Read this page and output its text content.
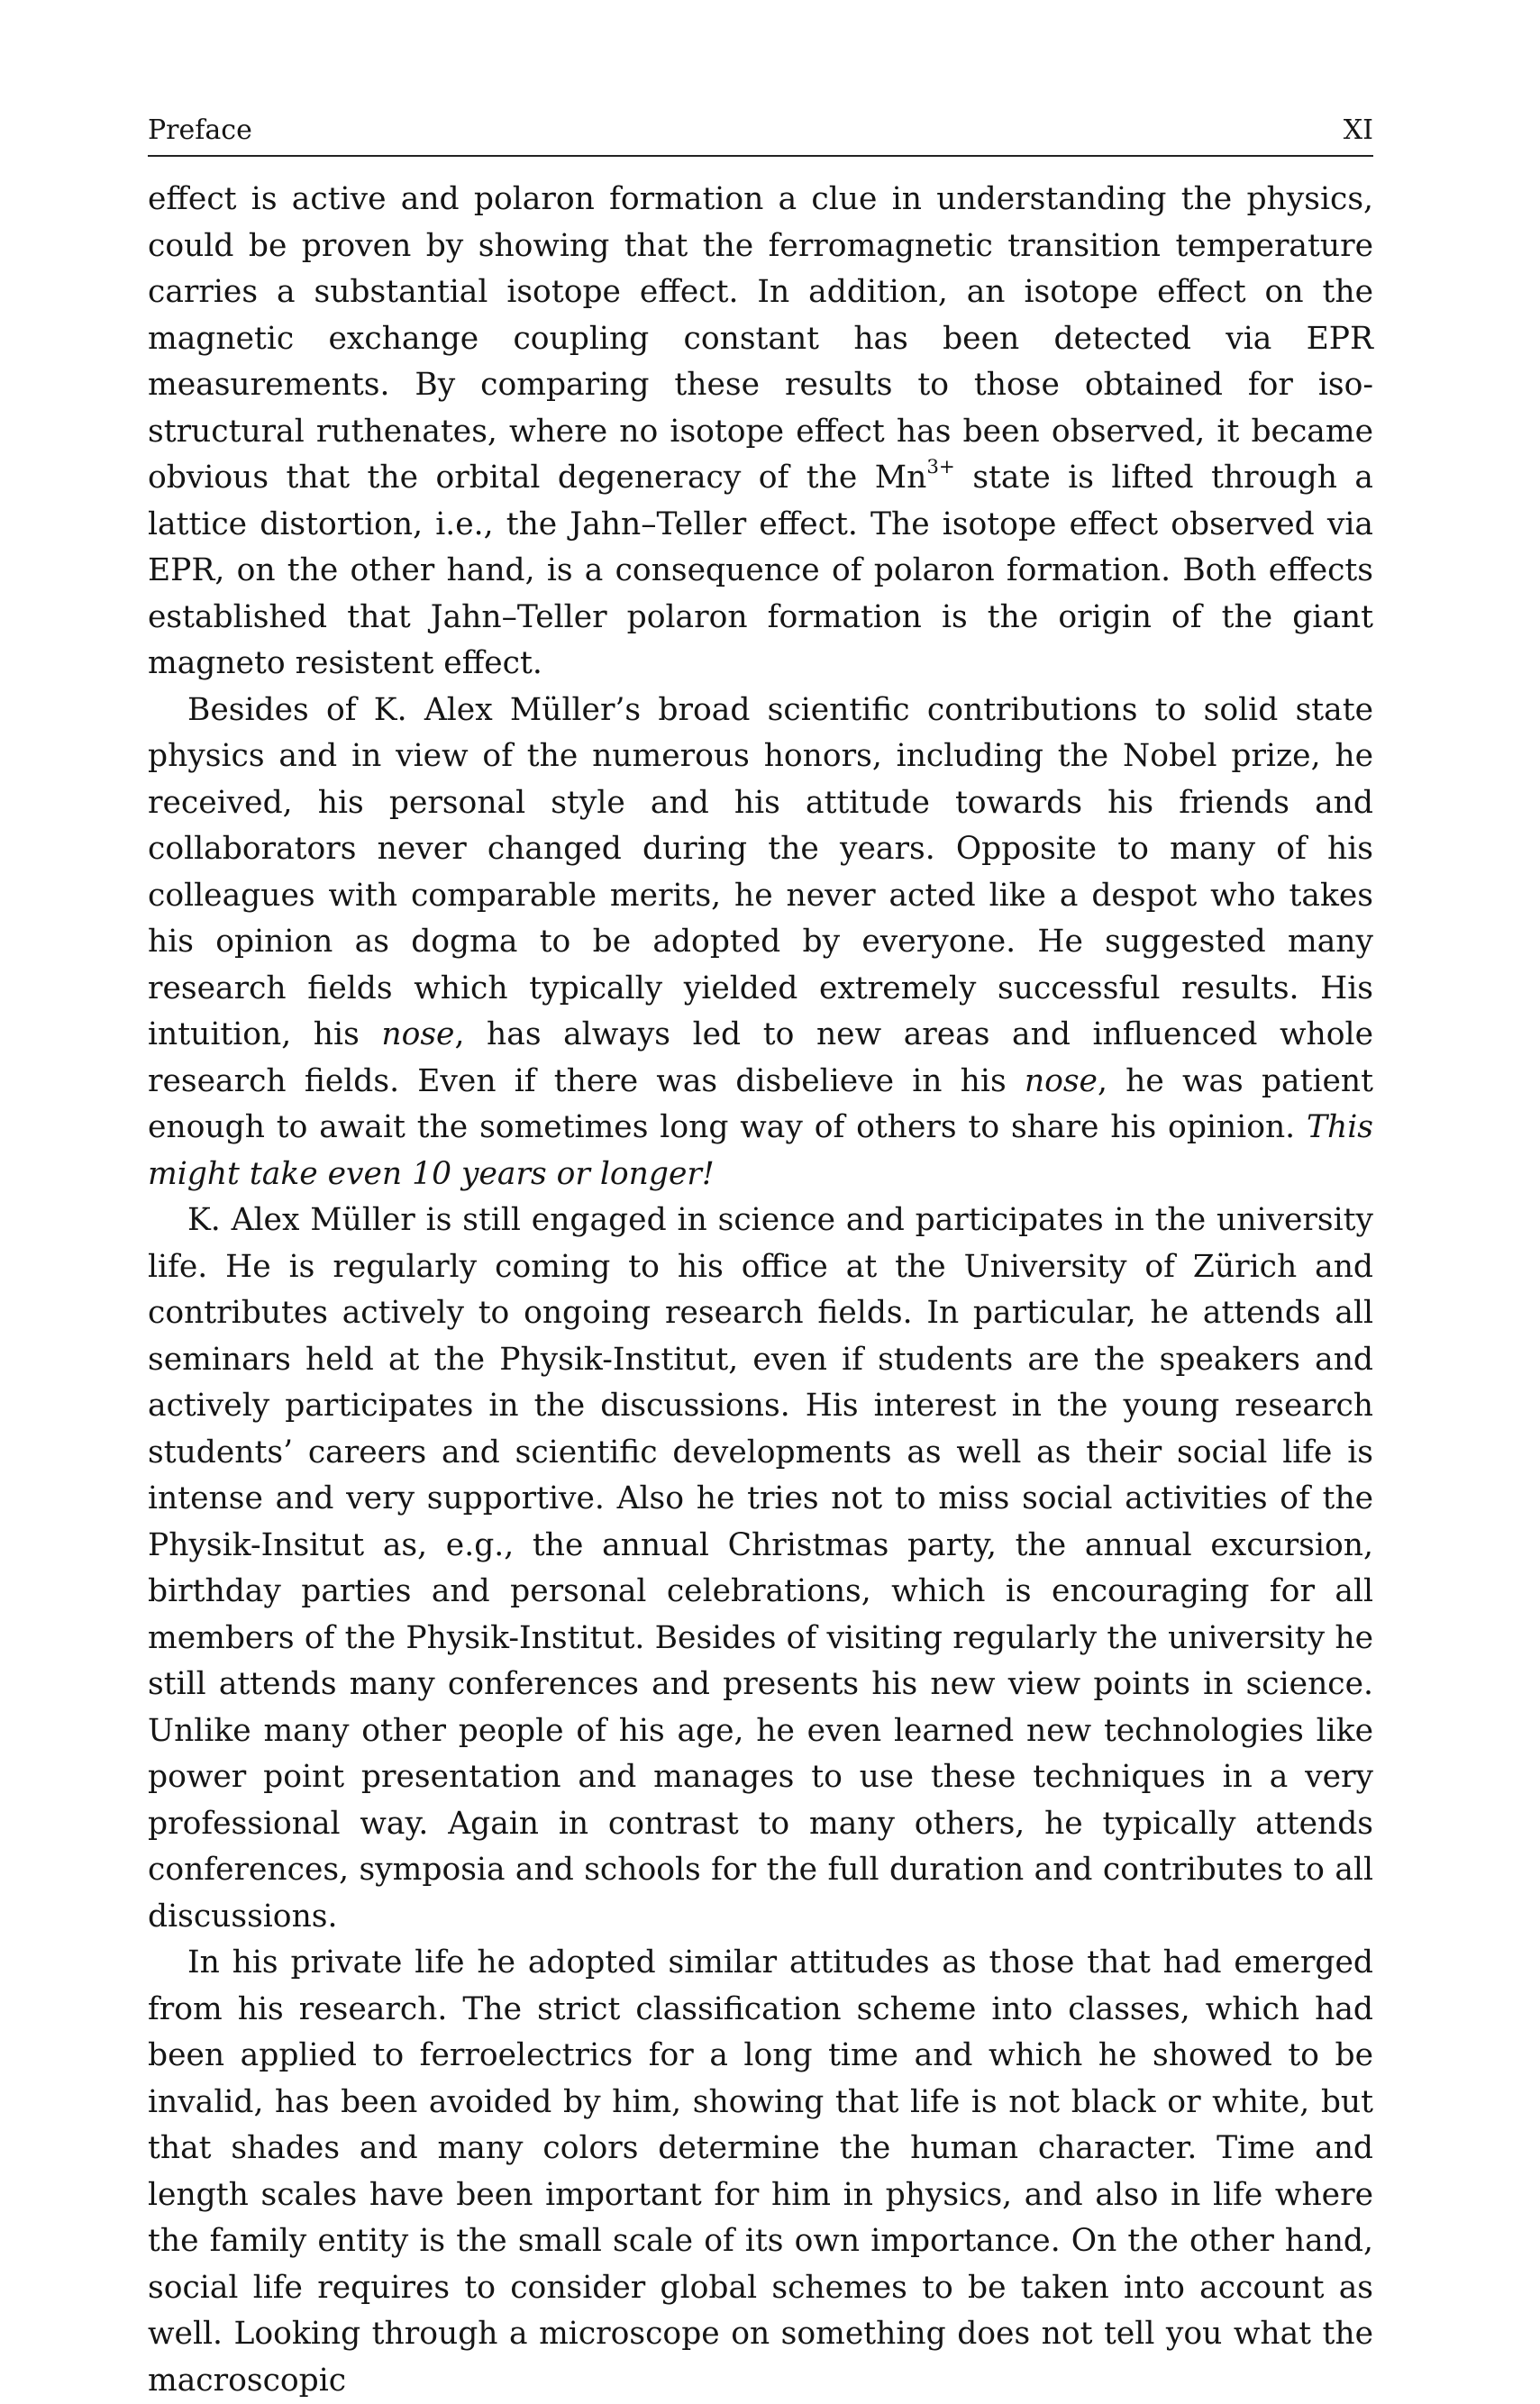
Preface	XI

effect is active and polaron formation a clue in understanding the physics, could be proven by showing that the ferromagnetic transition temperature carries a substantial isotope effect. In addition, an isotope effect on the magnetic exchange coupling constant has been detected via EPR measurements. By comparing these results to those obtained for iso-structural ruthenates, where no isotope effect has been observed, it became obvious that the orbital degeneracy of the $Mn^{3+}$ state is lifted through a lattice distortion, i.e., the Jahn–Teller effect. The isotope effect observed via EPR, on the other hand, is a consequence of polaron formation. Both effects established that Jahn–Teller polaron formation is the origin of the giant magneto resistent effect.

Besides of K. Alex Müller’s broad scientific contributions to solid state physics and in view of the numerous honors, including the Nobel prize, he received, his personal style and his attitude towards his friends and collaborators never changed during the years. Opposite to many of his colleagues with comparable merits, he never acted like a despot who takes his opinion as dogma to be adopted by everyone. He suggested many research fields which typically yielded extremely successful results. His intuition, his nose, has always led to new areas and influenced whole research fields. Even if there was disbelieve in his nose, he was patient enough to await the sometimes long way of others to share his opinion. This might take even 10 years or longer!

K. Alex Müller is still engaged in science and participates in the university life. He is regularly coming to his office at the University of Zürich and contributes actively to ongoing research fields. In particular, he attends all seminars held at the Physik-Institut, even if students are the speakers and actively participates in the discussions. His interest in the young research students’ careers and scientific developments as well as their social life is intense and very supportive. Also he tries not to miss social activities of the Physik-Insitut as, e.g., the annual Christmas party, the annual excursion, birthday parties and personal celebrations, which is encouraging for all members of the Physik-Institut. Besides of visiting regularly the university he still attends many conferences and presents his new view points in science. Unlike many other people of his age, he even learned new technologies like power point presentation and manages to use these techniques in a very professional way. Again in contrast to many others, he typically attends conferences, symposia and schools for the full duration and contributes to all discussions.

In his private life he adopted similar attitudes as those that had emerged from his research. The strict classification scheme into classes, which had been applied to ferroelectrics for a long time and which he showed to be invalid, has been avoided by him, showing that life is not black or white, but that shades and many colors determine the human character. Time and length scales have been important for him in physics, and also in life where the family entity is the small scale of its own importance. On the other hand, social life requires to consider global schemes to be taken into account as well. Looking through a microscope on something does not tell you what the macroscopic
